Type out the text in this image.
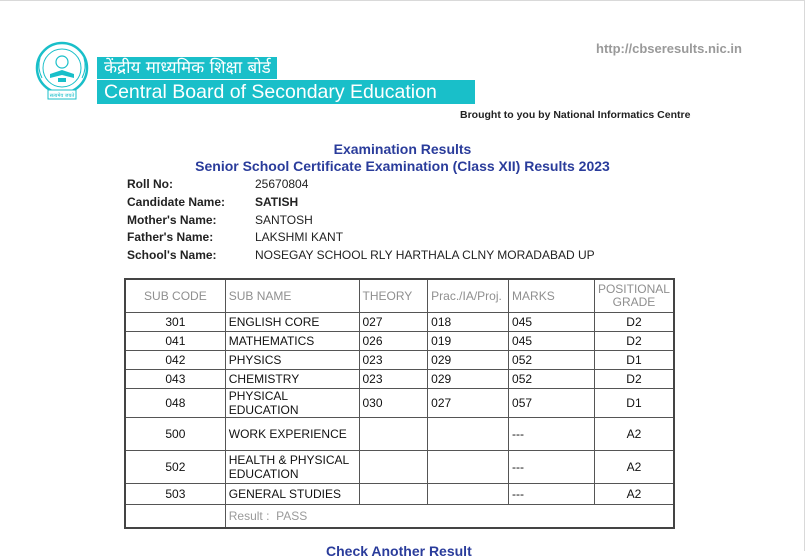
सत्यमेव जयते
केंद्रीय माध्यमिक शिक्षा बोर्ड
Central Board of Secondary Education
http://cbseresults.nic.in
Brought to you by National Informatics Centre
Examination Results
Senior School Certificate Examination (Class XII) Results 2023
Roll No:	25670804
Candidate Name: SATISH
Mother's Name:	SANTOSH
Father's Name:	LAKSHMI KANT
School's Name:	NOSEGAY SCHOOL RLY HARTHALA CLNY MORADABAD UP
SUB CODE	SUB NAME	THEORY	Prac./IA/Proj.	MARKS	POSITIONAL
GRADE
301	ENGLISH CORE	027	018	045	D2
041	MATHEMATICS	026	019	045	D2
042	PHYSICS	023	029	052	D1
043	CHEMISTRY	023	029	052	D2
048	PHYSICAL EDUCATION	030	027	057	D1
500	WORK EXPERIENCE			---	A2
502	HEALTH & PHYSICAL EDUCATION			---	A2
503	GENERAL STUDIES			---	A2
	Result : PASS				
Check Another Result
